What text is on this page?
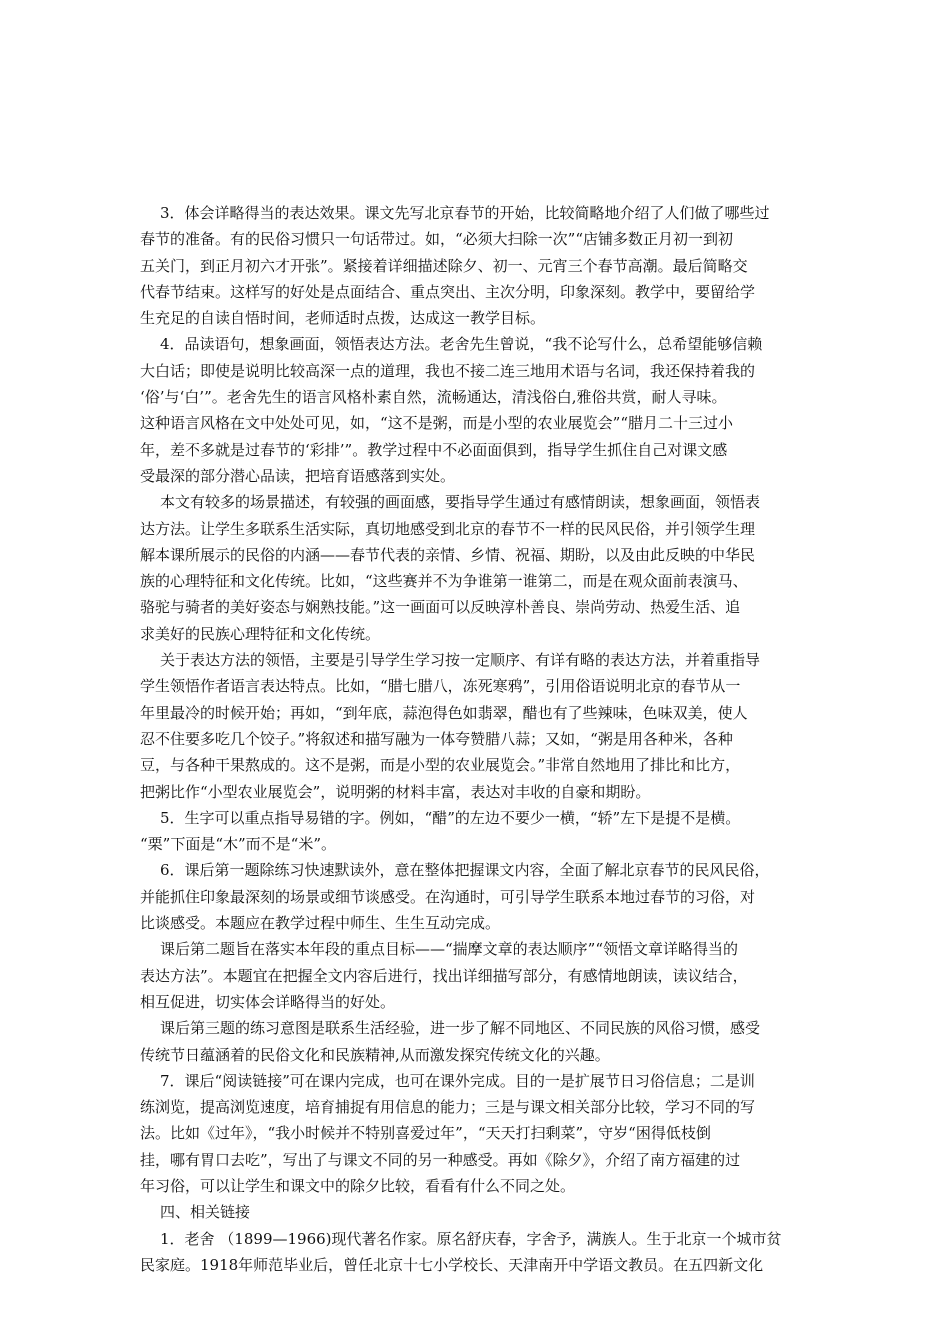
3．体会详略得当的表达效果。课文先写北京春节的开始，比较简略地介绍了人们做了哪些过
春节的准备。有的民俗习惯只一句话带过。如，“必须大扫除一次”“店铺多数正月初一到初
五关门，到正月初六才开张”。紧接着详细描述除夕、初一、元宵三个春节高潮。最后简略交
代春节结束。这样写的好处是点面结合、重点突出、主次分明，印象深刻。教学中，要留给学
生充足的自读自悟时间，老师适时点拨，达成这一教学目标。

4．品读语句，想象画面，领悟表达方法。老舍先生曾说，“我不论写什么，总希望能够信赖
大白话；即使是说明比较高深一点的道理，我也不接二连三地用术语与名词，我还保持着我的
‘俗’与‘白’”。老舍先生的语言风格朴素自然，流畅通达，清浅俗白,雅俗共赏，耐人寻味。
这种语言风格在文中处处可见，如，“这不是粥，而是小型的农业展览会”“腊月二十三过小
年，差不多就是过春节的‘彩排’”。教学过程中不必面面俱到，指导学生抓住自己对课文感
受最深的部分潜心品读，把培育语感落到实处。

本文有较多的场景描述，有较强的画面感，要指导学生通过有感情朗读，想象画面，领悟表
达方法。让学生多联系生活实际，真切地感受到北京的春节不一样的民风民俗，并引领学生理
解本课所展示的民俗的内涵——春节代表的亲情、乡情、祝福、期盼，以及由此反映的中华民
族的心理特征和文化传统。比如，“这些赛并不为争谁第一谁第二，而是在观众面前表演马、
骆驼与骑者的美好姿态与娴熟技能。”这一画面可以反映淳朴善良、崇尚劳动、热爱生活、追
求美好的民族心理特征和文化传统。

关于表达方法的领悟，主要是引导学生学习按一定顺序、有详有略的表达方法，并着重指导
学生领悟作者语言表达特点。比如，“腊七腊八，冻死寒鸦”，引用俗语说明北京的春节从一
年里最冷的时候开始；再如，“到年底，蒜泡得色如翡翠，醋也有了些辣味，色味双美，使人
忍不住要多吃几个饺子。”将叙述和描写融为一体夸赞腊八蒜；又如，“粥是用各种米，各种
豆，与各种干果熬成的。这不是粥，而是小型的农业展览会。”非常自然地用了排比和比方，
把粥比作“小型农业展览会”，说明粥的材料丰富，表达对丰收的自豪和期盼。

5．生字可以重点指导易错的字。例如，“醋”的左边不要少一横，“轿”左下是提不是横。
“栗”下面是“木”而不是“米”。

6．课后第一题除练习快速默读外，意在整体把握课文内容，全面了解北京春节的民风民俗，
并能抓住印象最深刻的场景或细节谈感受。在沟通时，可引导学生联系本地过春节的习俗，对
比谈感受。本题应在教学过程中师生、生生互动完成。

课后第二题旨在落实本年段的重点目标——“揣摩文章的表达顺序”“领悟文章详略得当的
表达方法”。本题宜在把握全文内容后进行，找出详细描写部分，有感情地朗读，读议结合，
相互促进，切实体会详略得当的好处。

课后第三题的练习意图是联系生活经验，进一步了解不同地区、不同民族的风俗习惯，感受
传统节日蕴涵着的民俗文化和民族精神,从而激发探究传统文化的兴趣。

7．课后“阅读链接”可在课内完成，也可在课外完成。目的一是扩展节日习俗信息；二是训
练浏览，提高浏览速度，培育捕捉有用信息的能力；三是与课文相关部分比较，学习不同的写
法。比如《过年》，“我小时候并不特别喜爱过年”，“天天打扫剩菜”，守岁“困得低枝倒
挂，哪有胃口去吃”，写出了与课文不同的另一种感受。再如《除夕》，介绍了南方福建的过
年习俗，可以让学生和课文中的除夕比较，看看有什么不同之处。

四、相关链接

1．老舍 （1899—1966)现代著名作家。原名舒庆春，字舍予，满族人。生于北京一个城市贫
民家庭。1918年师范毕业后，曾任北京十七小学校长、天津南开中学语文教员。在五四新文化
